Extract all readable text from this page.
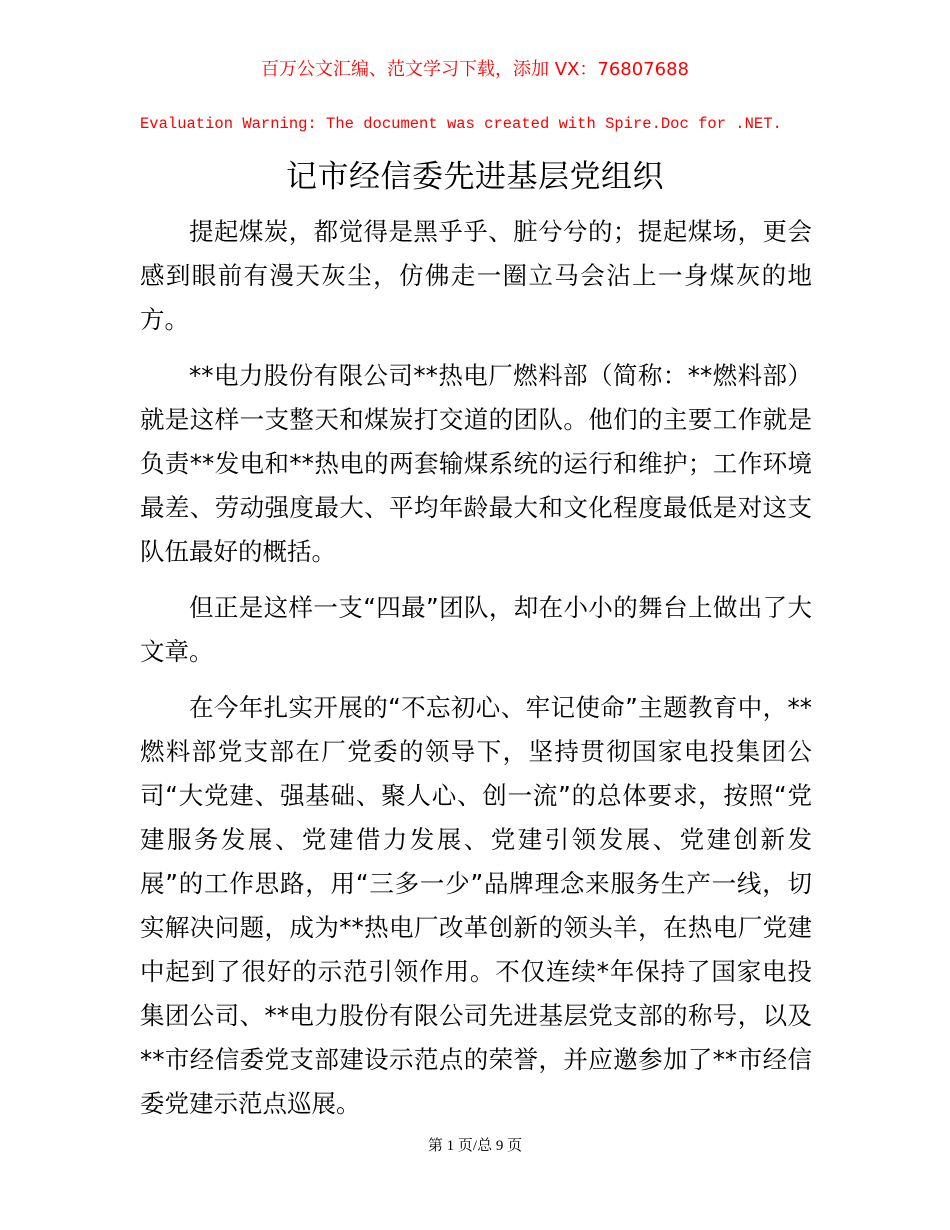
百万公文汇编、范文学习下载，添加 VX：76807688
Evaluation Warning: The document was created with Spire.Doc for .NET.
记市经信委先进基层党组织

提起煤炭，都觉得是黑乎乎、脏兮兮的；提起煤场，更会感到眼前有漫天灰尘，仿佛走一圈立马会沾上一身煤灰的地方。

**电力股份有限公司**热电厂燃料部（简称：**燃料部）就是这样一支整天和煤炭打交道的团队。他们的主要工作就是负责**发电和**热电的两套输煤系统的运行和维护；工作环境最差、劳动强度最大、平均年龄最大和文化程度最低是对这支队伍最好的概括。

但正是这样一支“四最”团队，却在小小的舞台上做出了大文章。

在今年扎实开展的“不忘初心、牢记使命”主题教育中，**燃料部党支部在厂党委的领导下，坚持贯彻国家电投集团公司“大党建、强基础、聚人心、创一流”的总体要求，按照“党建服务发展、党建借力发展、党建引领发展、党建创新发展”的工作思路，用“三多一少”品牌理念来服务生产一线，切实解决问题，成为**热电厂改革创新的领头羊，在热电厂党建中起到了很好的示范引领作用。不仅连续*年保持了国家电投集团公司、**电力股份有限公司先进基层党支部的称号，以及**市经信委党支部建设示范点的荣誉，并应邀参加了**市经信委党建示范点巡展。

第 1 页/总 9 页
